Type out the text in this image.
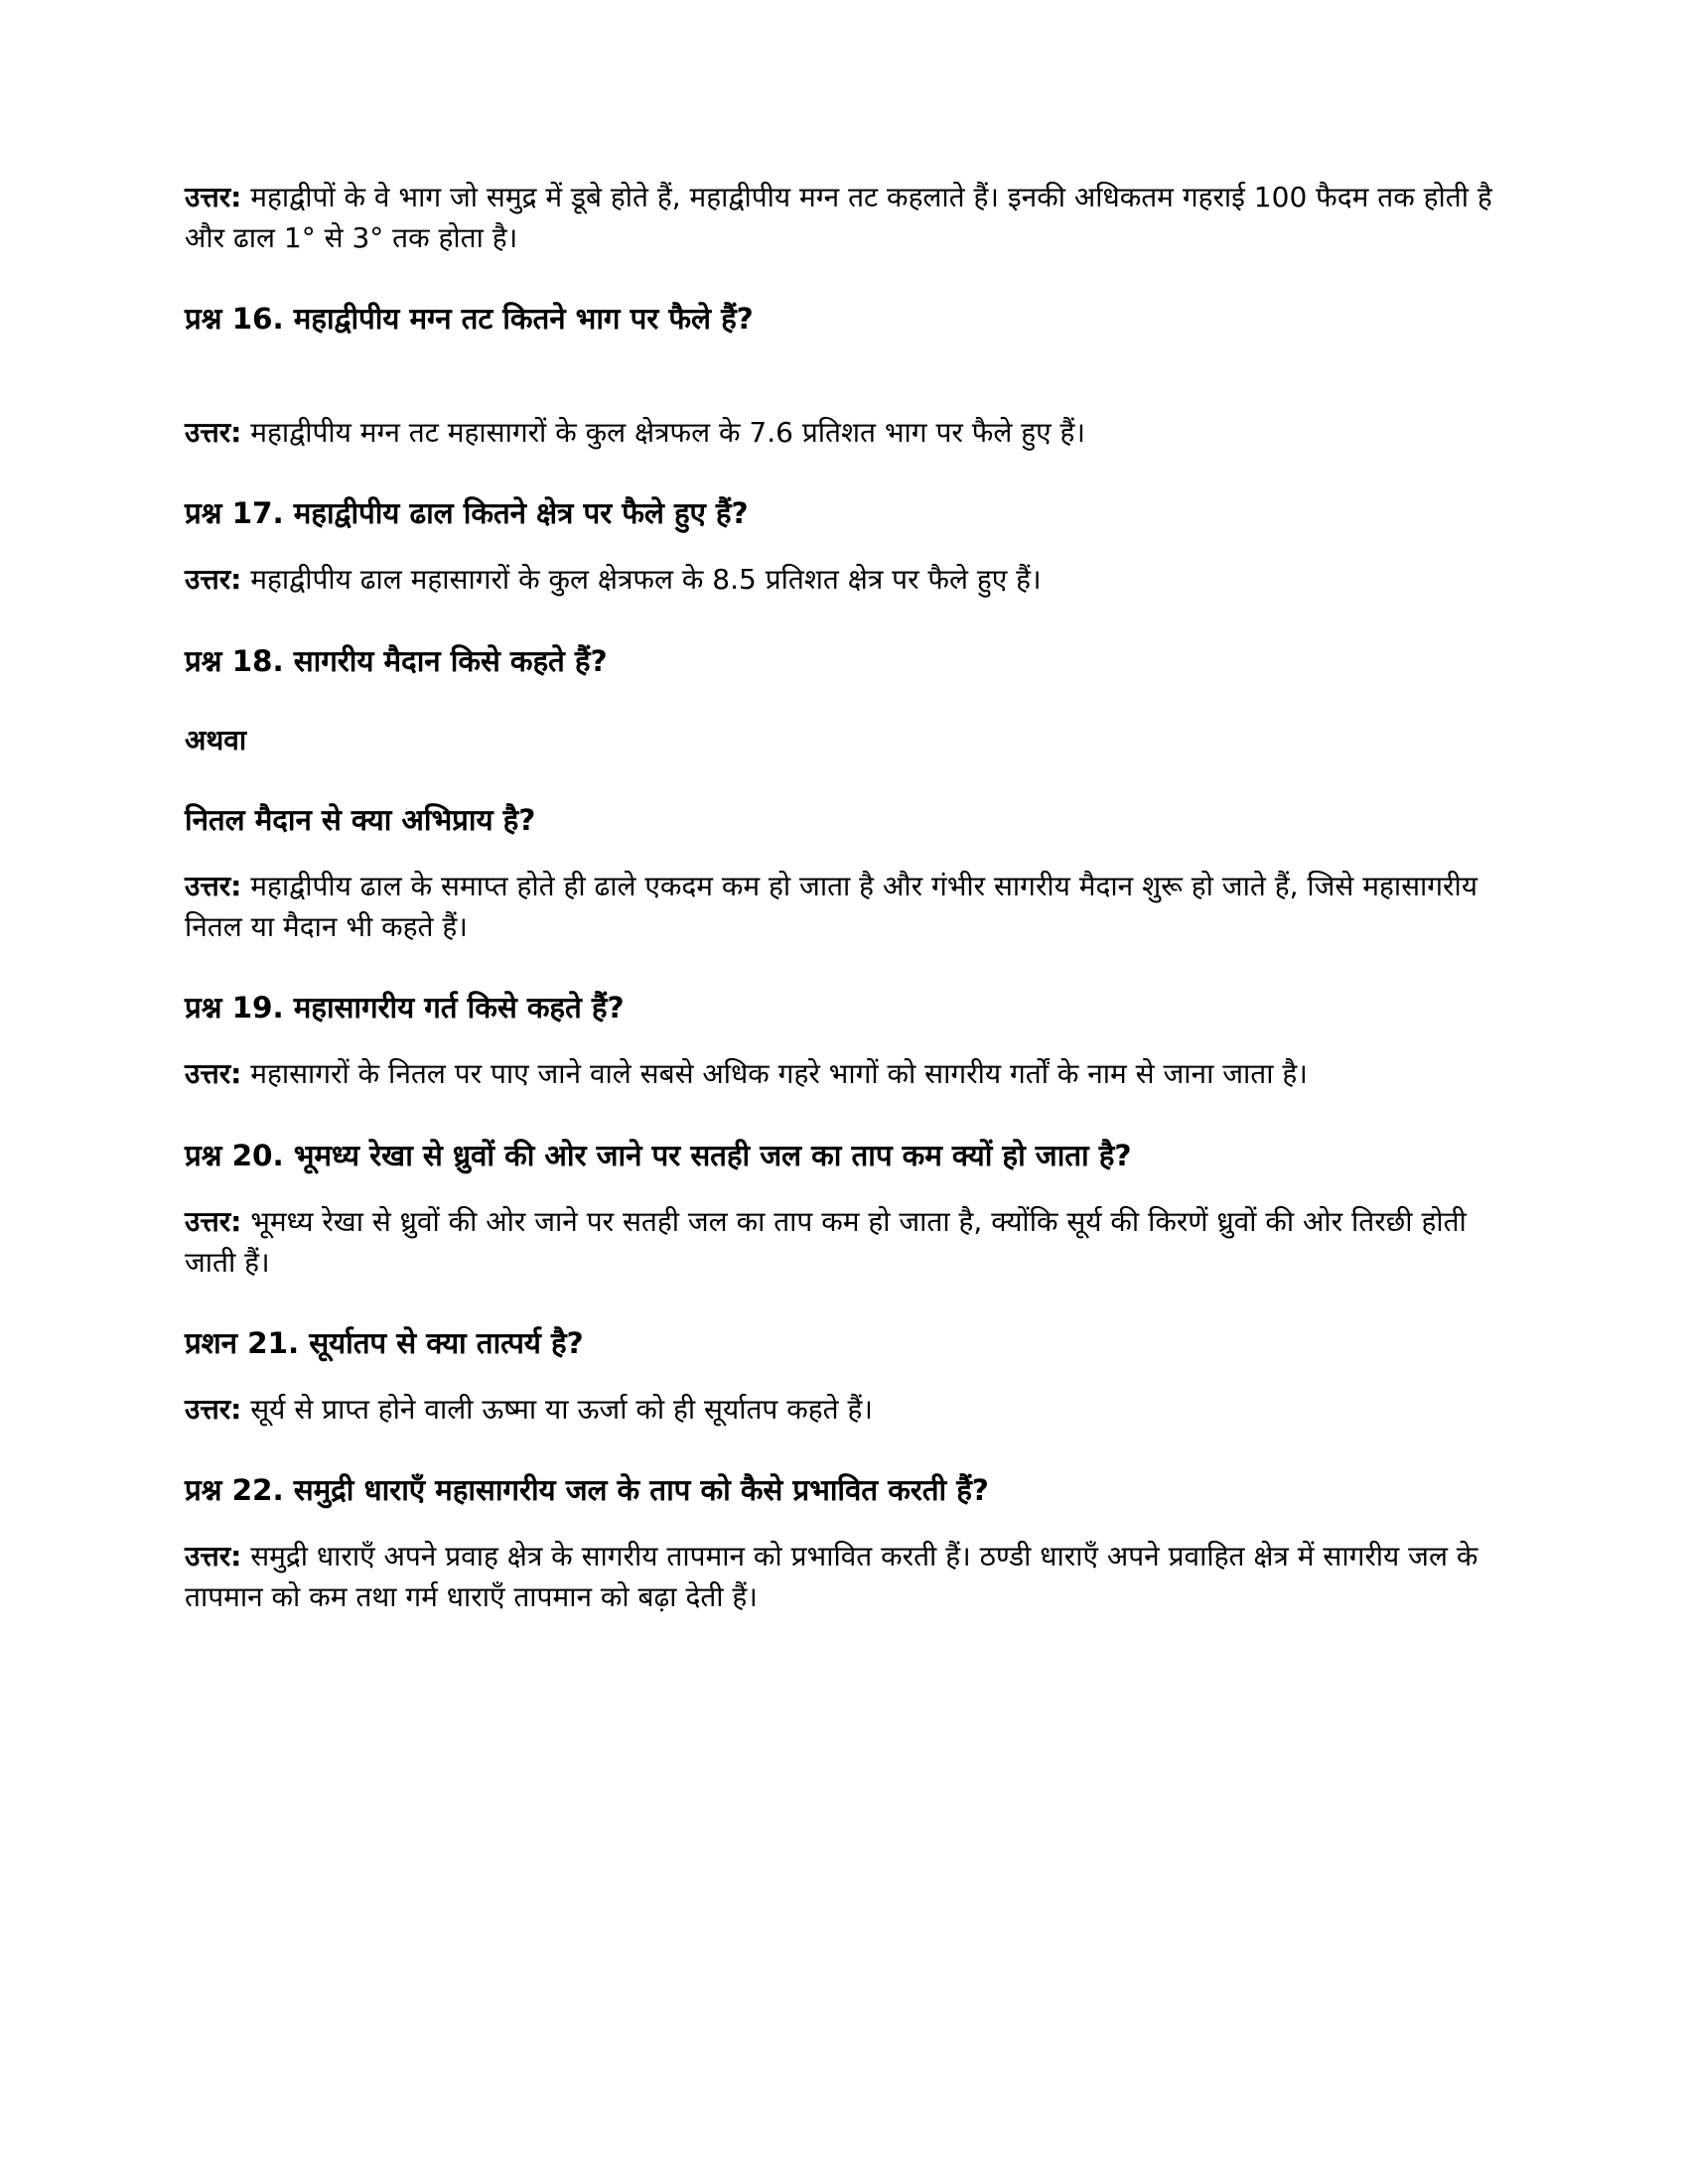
उत्तर: महाद्वीपों के वे भाग जो समुद्र में डूबे होते हैं, महाद्वीपीय मग्न तट कहलाते हैं। इनकी अधिकतम गहराई 100 फैदम तक होती है और ढाल 1° से 3° तक होता है।

प्रश्न 16. महाद्वीपीय मग्न तट कितने भाग पर फैले हैं?

उत्तर: महाद्वीपीय मग्न तट महासागरों के कुल क्षेत्रफल के 7.6 प्रतिशत भाग पर फैले हुए हैं।

प्रश्न 17. महाद्वीपीय ढाल कितने क्षेत्र पर फैले हुए हैं?

उत्तर: महाद्वीपीय ढाल महासागरों के कुल क्षेत्रफल के 8.5 प्रतिशत क्षेत्र पर फैले हुए हैं।

प्रश्न 18. सागरीय मैदान किसे कहते हैं?

अथवा

नितल मैदान से क्या अभिप्राय है?

उत्तर: महाद्वीपीय ढाल के समाप्त होते ही ढाले एकदम कम हो जाता है और गंभीर सागरीय मैदान शुरू हो जाते हैं, जिसे महासागरीय नितल या मैदान भी कहते हैं।

प्रश्न 19. महासागरीय गर्त किसे कहते हैं?

उत्तर: महासागरों के नितल पर पाए जाने वाले सबसे अधिक गहरे भागों को सागरीय गर्तों के नाम से जाना जाता है।

प्रश्न 20. भूमध्य रेखा से ध्रुवों की ओर जाने पर सतही जल का ताप कम क्यों हो जाता है?

उत्तर: भूमध्य रेखा से ध्रुवों की ओर जाने पर सतही जल का ताप कम हो जाता है, क्योंकि सूर्य की किरणें ध्रुवों की ओर तिरछी होती जाती हैं।

प्रशन 21. सूर्यातप से क्या तात्पर्य है?

उत्तर: सूर्य से प्राप्त होने वाली ऊष्मा या ऊर्जा को ही सूर्यातप कहते हैं।

प्रश्न 22. समुद्री धाराएँ महासागरीय जल के ताप को कैसे प्रभावित करती हैं?

उत्तर: समुद्री धाराएँ अपने प्रवाह क्षेत्र के सागरीय तापमान को प्रभावित करती हैं। ठण्डी धाराएँ अपने प्रवाहित क्षेत्र में सागरीय जल के तापमान को कम तथा गर्म धाराएँ तापमान को बढ़ा देती हैं।
